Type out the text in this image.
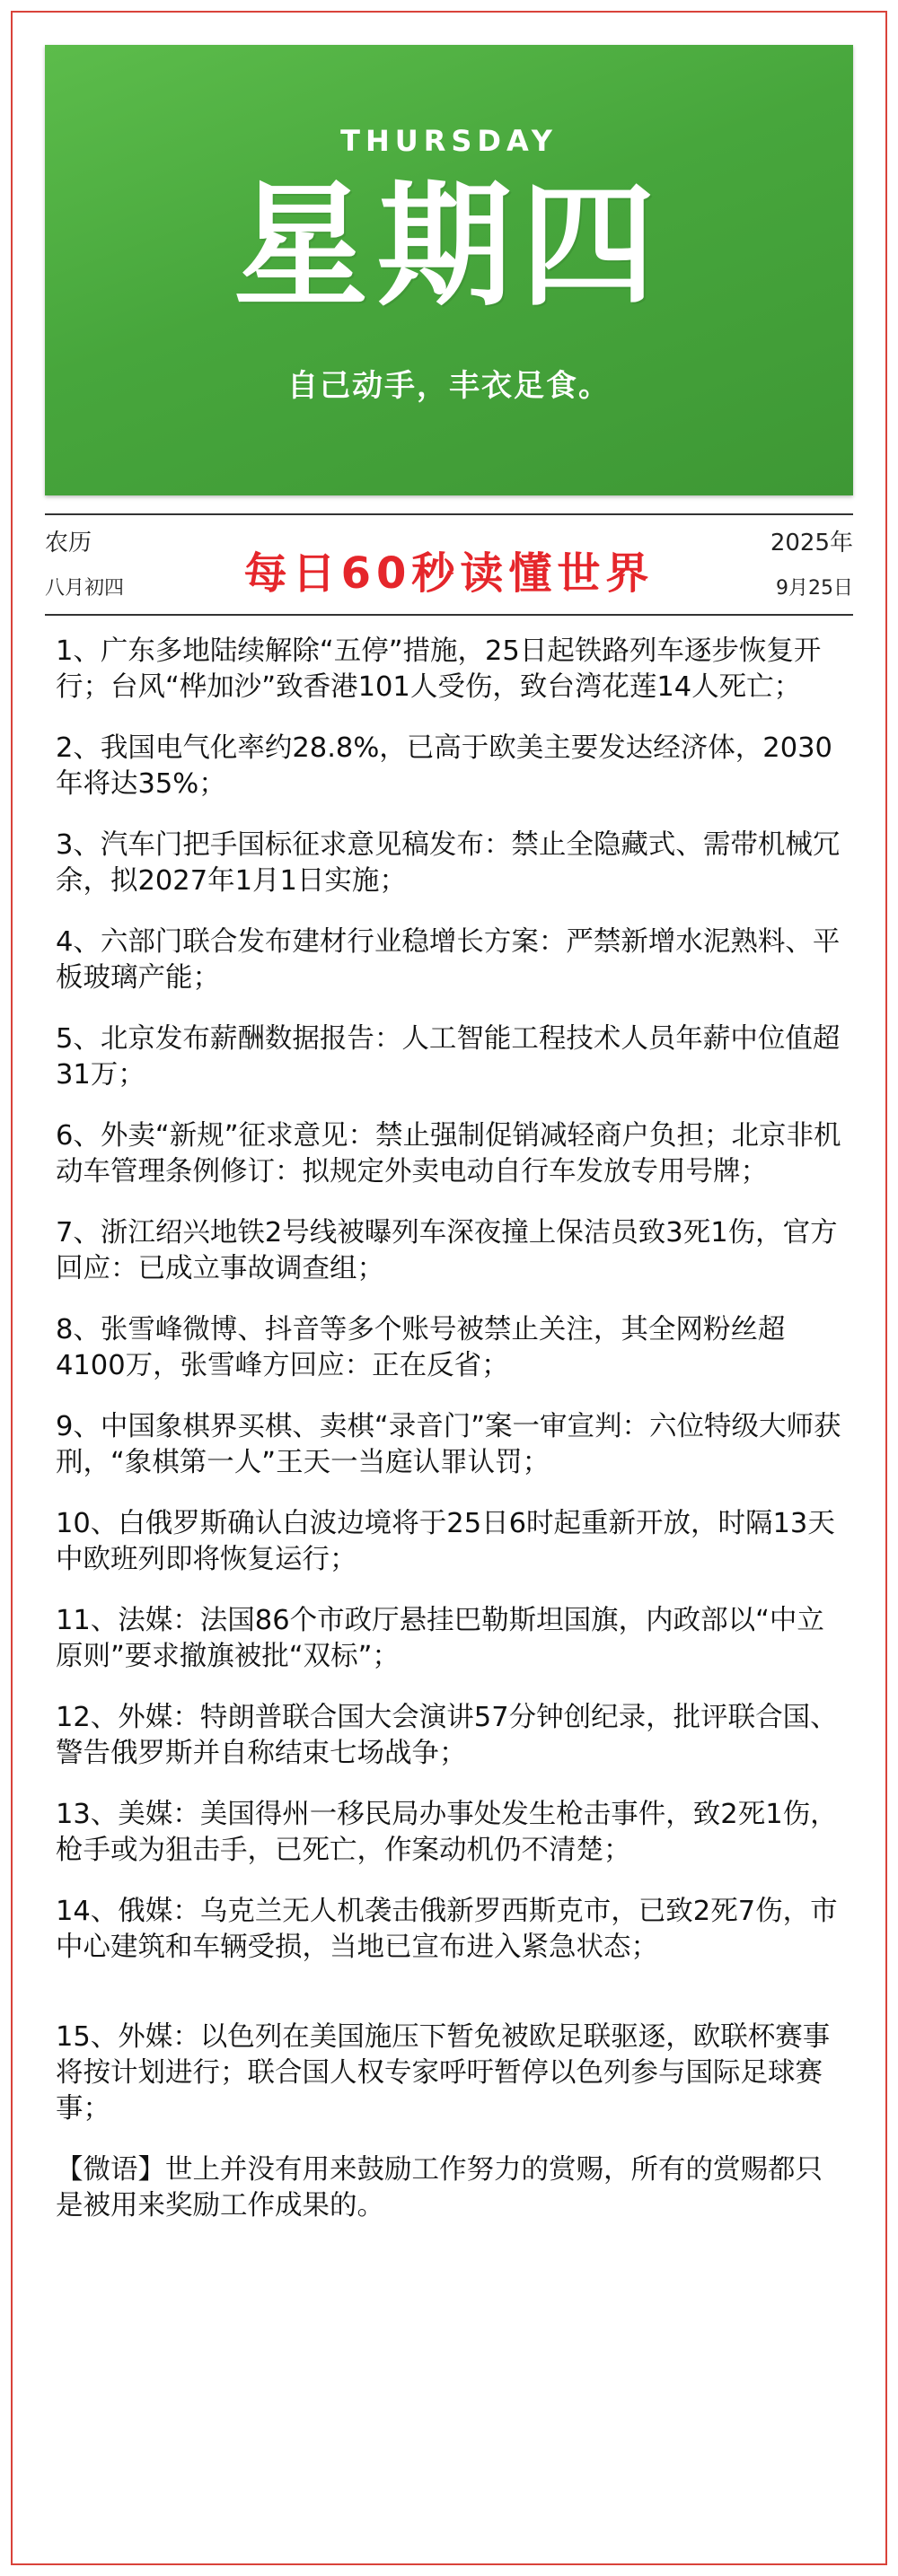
THURSDAY
星期四
自己动手，丰衣足食。
农历
八月初四	每日60秒读懂世界
2025年
9月25日

1、广东多地陆续解除“五停”措施，25日起铁路列车逐步恢复开行；台风“桦加沙”致香港101人受伤，致台湾花莲14人死亡；

2、我国电气化率约28.8%，已高于欧美主要发达经济体，2030年将达35%；

3、汽车门把手国标征求意见稿发布：禁止全隐藏式、需带机械冗余，拟2027年1月1日实施；

4、六部门联合发布建材行业稳增长方案：严禁新增水泥熟料、平板玻璃产能；

5、北京发布薪酬数据报告：人工智能工程技术人员年薪中位值超31万；

6、外卖“新规”征求意见：禁止强制促销减轻商户负担；北京非机动车管理条例修订：拟规定外卖电动自行车发放专用号牌；

7、浙江绍兴地铁2号线被曝列车深夜撞上保洁员致3死1伤，官方回应：已成立事故调查组；

8、张雪峰微博、抖音等多个账号被禁止关注，其全网粉丝超4100万，张雪峰方回应：正在反省；

9、中国象棋界买棋、卖棋“录音门”案一审宣判：六位特级大师获刑，“象棋第一人”王天一当庭认罪认罚；

10、白俄罗斯确认白波边境将于25日6时起重新开放，时隔13天中欧班列即将恢复运行；

11、法媒：法国86个市政厅悬挂巴勒斯坦国旗，内政部以“中立原则”要求撤旗被批“双标”；

12、外媒：特朗普联合国大会演讲57分钟创纪录，批评联合国、警告俄罗斯并自称结束七场战争；

13、美媒：美国得州一移民局办事处发生枪击事件，致2死1伤，枪手或为狙击手，已死亡，作案动机仍不清楚；

14、俄媒：乌克兰无人机袭击俄新罗西斯克市，已致2死7伤，市中心建筑和车辆受损，当地已宣布进入紧急状态；

15、外媒：以色列在美国施压下暂免被欧足联驱逐，欧联杯赛事将按计划进行；联合国人权专家呼吁暂停以色列参与国际足球赛事；

【微语】世上并没有用来鼓励工作努力的赏赐，所有的赏赐都只是被用来奖励工作成果的。
